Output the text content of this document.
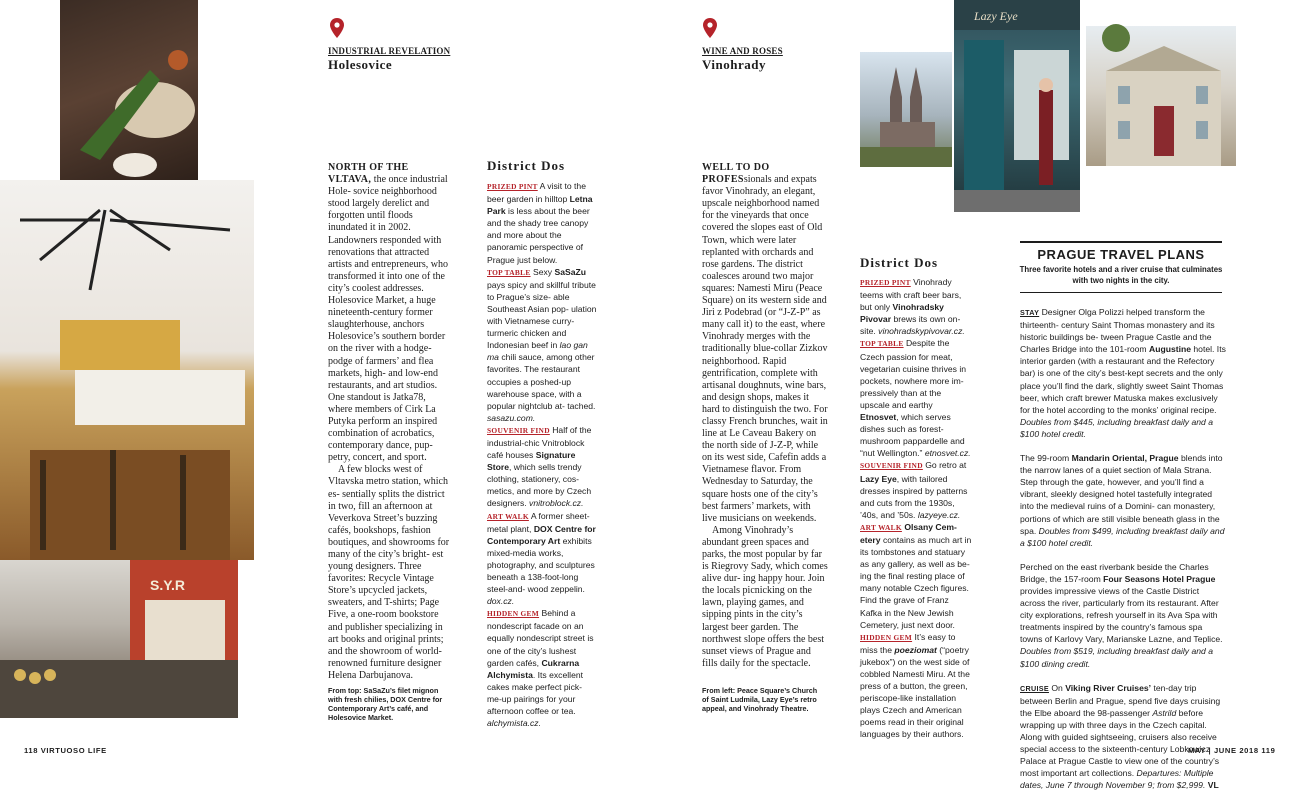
S.Y.R
Lazy Eye
INDUSTRIAL REVELATION
Holesovice

NORTH OF THE VLTAVA, the once industrial Hole- sovice neighborhood stood largely derelict and forgotten until floods inundated it in 2002. Landowners responded with renovations that attracted artists and entrepreneurs, who transformed it into one of the city’s coolest addresses. Holesovice Market, a huge nineteenth-century former slaughterhouse, anchors Holesovice’s southern border on the river with a hodge- podge of farmers’ and flea markets, high- and low-end restaurants, and art studios. One standout is Jatka78, where members of Cirk La Putyka perform an inspired combination of acrobatics, contemporary dance, pup- petry, concert, and sport.

A few blocks west of Vltavska metro station, which es- sentially splits the district in two, fill an afternoon at Veverkova Street’s buzzing cafés, bookshops, fashion boutiques, and showrooms for many of the city’s bright- est young designers. Three favorites: Recycle Vintage Store’s upcycled jackets, sweaters, and T-shirts; Page Five, a one-room bookstore and publisher specializing in art books and original prints; and the showroom of world- renowned furniture designer Helena Darbujanova.

From top: SaSaZu’s filet mignon with fresh chilies, DOX Centre for Contemporary Art’s café, and Holesovice Market.
District Dos

PRIZED PINT A visit to the beer garden in hilltop Letna Park is less about the beer and the shady tree canopy and more about the panoramic perspective of Prague just below.

TOP TABLE Sexy SaSaZu pays spicy and skillful tribute to Prague’s size- able Southeast Asian pop- ulation with Vietnamese curry-turmeric chicken and Indonesian beef in lao gan ma chili sauce, among other favorites. The restaurant occupies a poshed-up warehouse space, with a popular nightclub at- tached. sasazu.com.

SOUVENIR FIND Half of the industrial-chic Vnitroblock café houses Signature Store, which sells trendy clothing, stationery, cos- metics, and more by Czech designers. vnitroblock.cz.

ART WALK A former sheet-metal plant, DOX Centre for Contemporary Art exhibits mixed-media works, photography, and sculptures beneath a 138-foot-long steel-and- wood zeppelin. dox.cz.

HIDDEN GEM Behind a nondescript facade on an equally nondescript street is one of the city’s lushest garden cafés, Cukrarna Alchymista. Its excellent cakes make perfect pick- me-up pairings for your afternoon coffee or tea. alchymista.cz.

WINE AND ROSES
Vinohrady

WELL TO DO PROFESsionals and expats favor Vinohrady, an elegant, upscale neighborhood named for the vineyards that once covered the slopes east of Old Town, which were later replanted with orchards and rose gardens. The district coalesces around two major squares: Namesti Miru (Peace Square) on its western side and Jiri z Podebrad (or “J-Z-P” as many call it) to the east, where Vinohrady merges with the traditionally blue-collar Zizkov neighborhood. Rapid gentrification, complete with artisanal doughnuts, wine bars, and design shops, makes it hard to distinguish the two. For classy French brunches, wait in line at Le Caveau Bakery on the north side of J-Z-P, while on its west side, Cafefin adds a Vietnamese flavor. From Wednesday to Saturday, the square hosts one of the city’s best farmers’ markets, with live musicians on weekends.

Among Vinohrady’s abundant green spaces and parks, the most popular by far is Riegrovy Sady, which comes alive dur- ing happy hour. Join the locals picnicking on the lawn, playing games, and sipping pints in the city’s largest beer garden. The northwest slope offers the best sunset views of Prague and fills daily for the spectacle.

From left: Peace Square’s Church of Saint Ludmila, Lazy Eye’s retro appeal, and Vinohrady Theatre.
District Dos

PRIZED PINT Vinohrady teems with craft beer bars, but only Vinohradsky Pivovar brews its own on- site. vinohradskypivovar.cz.

TOP TABLE Despite the Czech passion for meat, vegetarian cuisine thrives in pockets, nowhere more im- pressively than at the upscale and earthy Etnosvet, which serves dishes such as forest- mushroom pappardelle and “nut Wellington.” etnosvet.cz.

SOUVENIR FIND Go retro at Lazy Eye, with tailored dresses inspired by patterns and cuts from the 1930s, ’40s, and ’50s. lazyeye.cz.

ART WALK Olsany Cem- etery contains as much art in its tombstones and statuary as any gallery, as well as be- ing the final resting place of many notable Czech figures. Find the grave of Franz Kafka in the New Jewish Cemetery, just next door.

HIDDEN GEM It’s easy to miss the poezіomat (“poetry jukebox”) on the west side of cobbled Namesti Miru. At the press of a button, the green, periscope-like installation plays Czech and American poems read in their original languages by their authors.

PRAGUE TRAVEL PLANS
Three favorite hotels and a river cruise that culminates with two nights in the city.

STAY Designer Olga Polizzi helped transform the thirteenth- century Saint Thomas monastery and its historic buildings be- tween Prague Castle and the Charles Bridge into the 101-room Augustine hotel. Its interior garden (with a restaurant and the Refectory bar) is one of the city’s best-kept secrets and the only place you’ll find the dark, slightly sweet Saint Thomas beer, which craft brewer Matuska makes exclusively for the hotel according to the monks’ original recipe. Doubles from $445, including breakfast daily and a $100 hotel credit.

The 99-room Mandarin Oriental, Prague blends into the narrow lanes of a quiet section of Mala Strana. Step through the gate, however, and you’ll find a vibrant, sleekly designed hotel tastefully integrated into the medieval ruins of a Domini- can monastery, portions of which are still visible beneath glass in the spa. Doubles from $499, including breakfast daily and a $100 hotel credit.

Perched on the east riverbank beside the Charles Bridge, the 157-room Four Seasons Hotel Prague provides impressive views of the Castle District across the river, particularly from its restaurant. After city explorations, refresh yourself in its Ava Spa with treatments inspired by the country’s famous spa towns of Karlovy Vary, Marianske Lazne, and Teplice. Doubles from $519, including breakfast daily and a $100 dining credit.

CRUISE On Viking River Cruises’ ten-day trip between Berlin and Prague, spend five days cruising the Elbe aboard the 98-passenger Astrild before wrapping up with three days in the Czech capital. Along with guided sightseeing, cruisers also receive special access to the sixteenth-century Lobkowicz Palace at Prague Castle to view one of the country’s most important art collections. Departures: Multiple dates, June 7 through November 9; from $2,999. VL

118 VIRTUOSO LIFE	MAY | JUNE 2018 119
